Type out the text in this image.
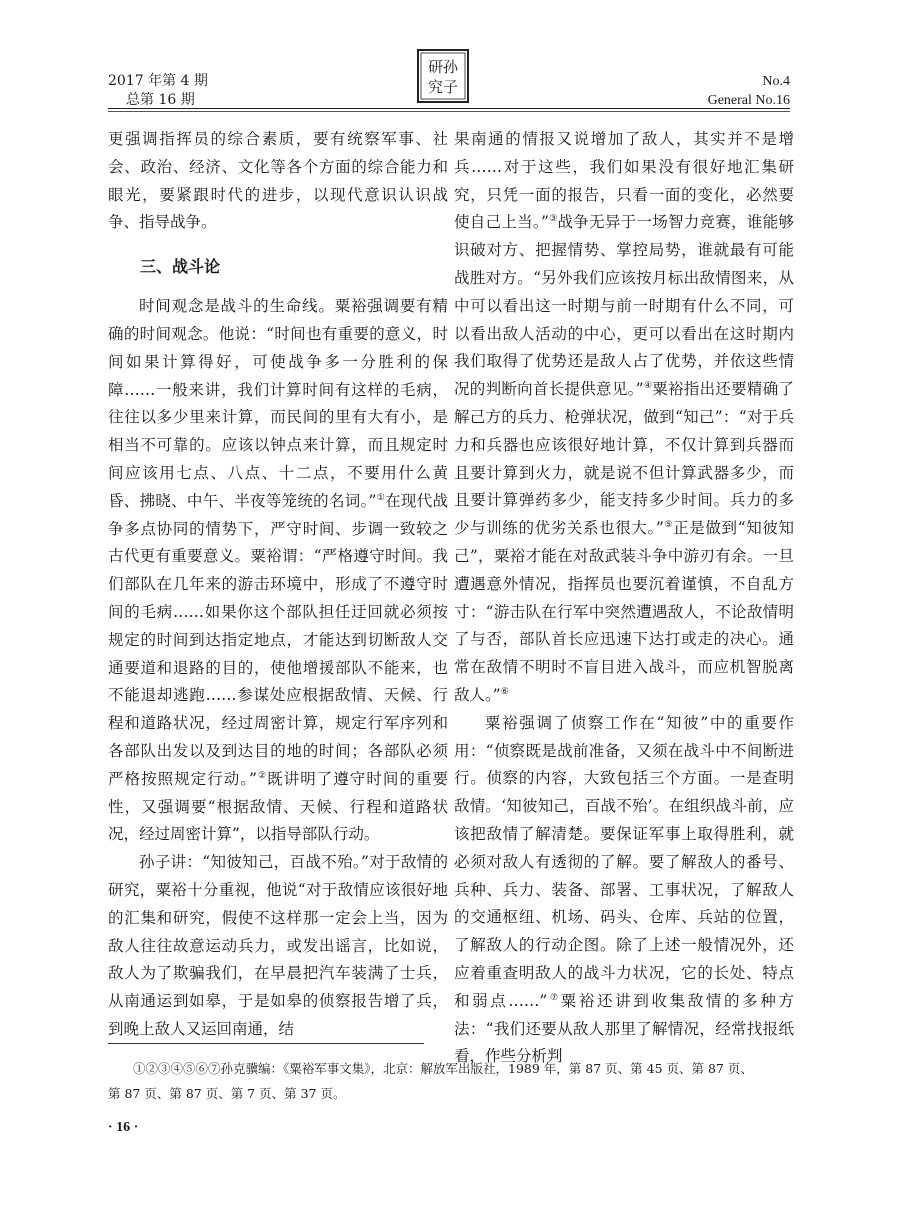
2017 年第 4 期
总第 16 期
研孙
究子	No.4
General No.16

更强调指挥员的综合素质，要有统察军事、社会、政治、经济、文化等各个方面的综合能力和眼光，要紧跟时代的进步，以现代意识认识战争、指导战争。

三、战斗论

时间观念是战斗的生命线。粟裕强调要有精确的时间观念。他说：“时间也有重要的意义，时间如果计算得好，可使战争多一分胜利的保障……一般来讲，我们计算时间有这样的毛病，往往以多少里来计算，而民间的里有大有小，是相当不可靠的。应该以钟点来计算，而且规定时间应该用七点、八点、十二点，不要用什么黄昏、拂晓、中午、半夜等笼统的名词。”①在现代战争多点协同的情势下，严守时间、步调一致较之古代更有重要意义。粟裕谓：“严格遵守时间。我们部队在几年来的游击环境中，形成了不遵守时间的毛病……如果你这个部队担任迂回就必须按规定的时间到达指定地点，才能达到切断敌人交通要道和退路的目的，使他增援部队不能来，也不能退却逃跑……参谋处应根据敌情、天候、行程和道路状况，经过周密计算，规定行军序列和各部队出发以及到达目的地的时间；各部队必须严格按照规定行动。”②既讲明了遵守时间的重要性，又强调要“根据敌情、天候、行程和道路状况，经过周密计算”，以指导部队行动。

孙子讲：“知彼知己，百战不殆。”对于敌情的研究，粟裕十分重视，他说“对于敌情应该很好地的汇集和研究，假使不这样那一定会上当，因为敌人往往故意运动兵力，或发出谣言，比如说，敌人为了欺骗我们，在早晨把汽车装满了士兵，从南通运到如皋，于是如皋的侦察报告增了兵，到晚上敌人又运回南通，结

果南通的情报又说增加了敌人，其实并不是增兵……对于这些，我们如果没有很好地汇集研究，只凭一面的报告，只看一面的变化，必然要使自己上当。”③战争无异于一场智力竞赛，谁能够识破对方、把握情势、掌控局势，谁就最有可能战胜对方。“另外我们应该按月标出敌情图来，从中可以看出这一时期与前一时期有什么不同，可以看出敌人活动的中心，更可以看出在这时期内我们取得了优势还是敌人占了优势，并依这些情况的判断向首长提供意见。”④粟裕指出还要精确了解己方的兵力、枪弹状况，做到“知己”：“对于兵力和兵器也应该很好地计算，不仅计算到兵器而且要计算到火力，就是说不但计算武器多少，而且要计算弹药多少，能支持多少时间。兵力的多少与训练的优劣关系也很大。”⑤正是做到“知彼知己”，粟裕才能在对敌武装斗争中游刃有余。一旦遭遇意外情况，指挥员也要沉着谨慎，不自乱方寸：“游击队在行军中突然遭遇敌人，不论敌情明了与否，部队首长应迅速下达打或走的决心。通常在敌情不明时不盲目进入战斗，而应机智脱离敌人。”⑥

粟裕强调了侦察工作在“知彼”中的重要作用：“侦察既是战前准备，又须在战斗中不间断进行。侦察的内容，大致包括三个方面。一是查明敌情。‘知彼知己，百战不殆’。在组织战斗前，应该把敌情了解清楚。要保证军事上取得胜利，就必须对敌人有透彻的了解。要了解敌人的番号、兵种、兵力、装备、部署、工事状况，了解敌人的交通枢纽、机场、码头、仓库、兵站的位置，了解敌人的行动企图。除了上述一般情况外，还应着重查明敌人的战斗力状况，它的长处、特点和弱点……”⑦粟裕还讲到收集敌情的多种方法：“我们还要从敌人那里了解情况，经常找报纸看，作些分析判

①②③④⑤⑥⑦孙克骥编：《粟裕军事文集》，北京：解放军出版社，1989 年，第 87 页、第 45 页、第 87 页、

第 87 页、第 87 页、第 7 页、第 37 页。

· 16 ·
